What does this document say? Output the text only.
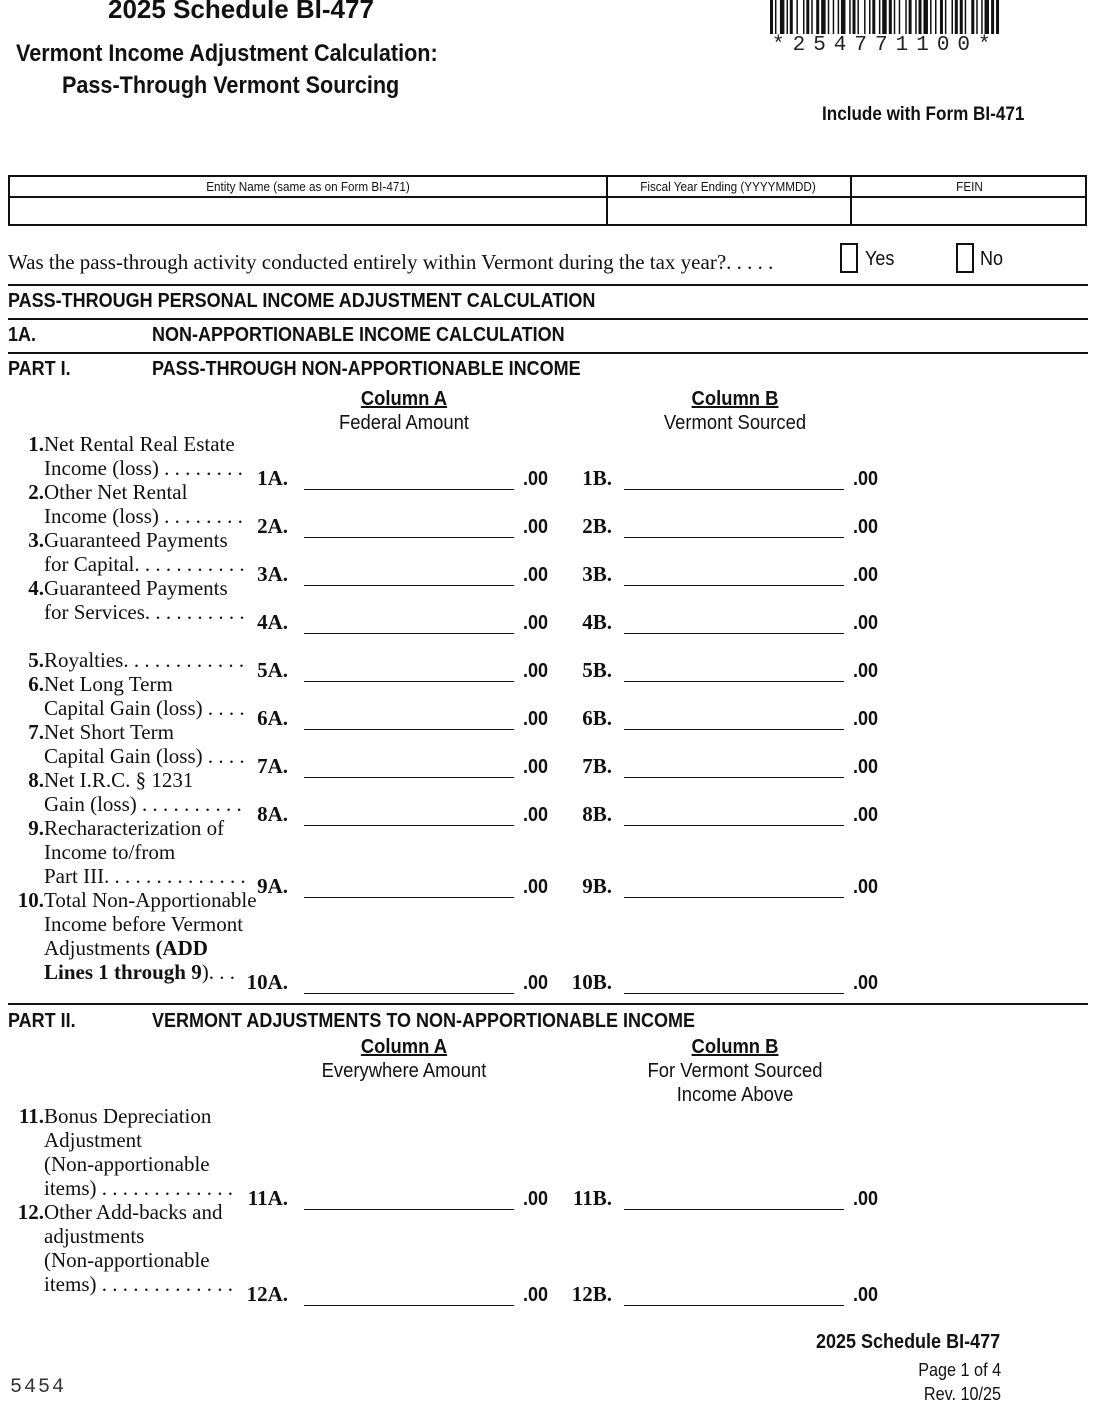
2025 Schedule BI-477
Vermont Income Adjustment Calculation:
Pass-Through Vermont Sourcing
*254771100*
Include with Form BI-471
Entity Name (same as on Form BI-471)	Fiscal Year Ending (YYYYMMDD)	FEIN
Was the pass-through activity conducted entirely within Vermont during the tax year?. . . . .	Yes	No
PASS-THROUGH PERSONAL INCOME ADJUSTMENT CALCULATION
1A.	NON-APPORTIONABLE INCOME CALCULATION
PART I.	PASS-THROUGH NON-APPORTIONABLE INCOME
Column A
Federal Amount
Column B
Vermont Sourced
PART II.	VERMONT ADJUSTMENTS TO NON-APPORTIONABLE INCOME
Column A
Everywhere Amount
Column B
For Vermont Sourced
Income Above
1.Net Rental Real Estate
Income (loss) . . . . . . . . 1A.	.00 1B.	.00
2.Other Net Rental
Income (loss) . . . . . . . . 2A.	.00 2B.	.00
3.Guaranteed Payments
for Capital. . . . . . . . . . . 3A.	.00 3B.	.00
4.Guaranteed Payments
for Services. . . . . . . . . . 4A.	.00 4B.	.00
5.Royalties. . . . . . . . . . . . 5A.	.00 5B.	.00
6.Net Long Term
Capital Gain (loss) . . . . 6A.	.00 6B.	.00
7.Net Short Term
Capital Gain (loss) . . . . 7A.	.00 7B.	.00
8.Net I.R.C. § 1231
Gain (loss) . . . . . . . . . . 8A.	.00 8B.	.00
9.Recharacterization of
Income to/from
Part III. . . . . . . . . . . . . . 9A.	.00 9B.	.00
10.Total Non-Apportionable
Income before Vermont
Adjustments (ADD
Lines 1 through 9). . . 10A.	.00 10B.	.00
11.Bonus Depreciation
Adjustment
(Non-apportionable
items) . . . . . . . . . . . . . 11A.	.00 11B.	.00
12.Other Add-backs and
adjustments
(Non-apportionable
items) . . . . . . . . . . . . . 12A.	.00 12B.	.00
2025 Schedule BI-477
Page 1 of 4
Rev. 10/25
5454
